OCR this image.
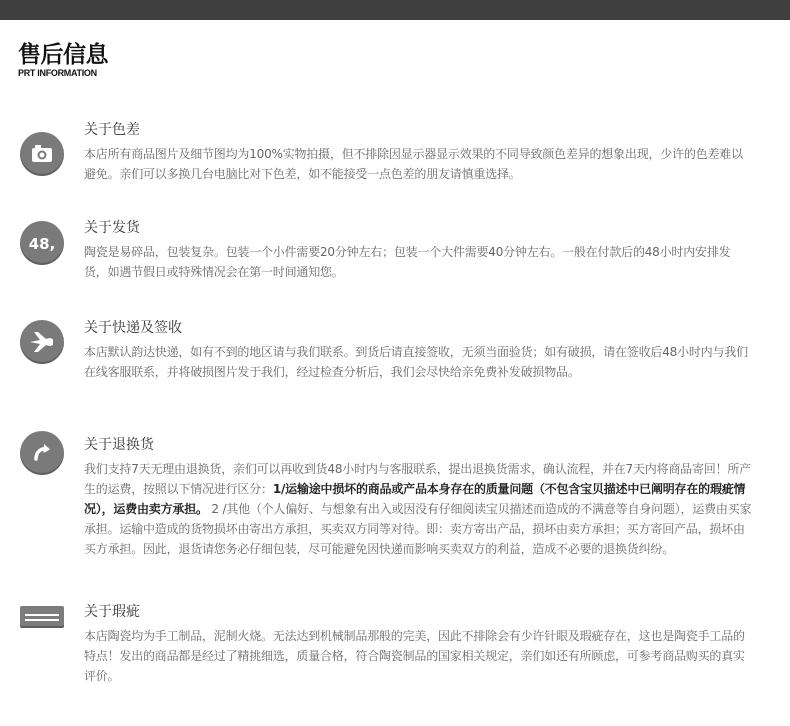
售后信息
PRT INFORMATION
关于色差
本店所有商品图片及细节图均为100%实物拍摄，但不排除因显示器显示效果的不同导致颜色差异的想象出现，少许的色差难以避免。亲们可以多换几台电脑比对下色差，如不能接受一点色差的朋友请慎重选择。
48,
关于发货
陶瓷是易碎品，包装复杂。包装一个小件需要20分钟左右；包装一个大件需要40分钟左右。一般在付款后的48小时内安排发货，如遇节假日或特殊情况会在第一时间通知您。
关于快递及签收
本店默认韵达快递，如有不到的地区请与我们联系。到货后请直接签收，无须当面验货；如有破损，请在签收后48小时内与我们在线客服联系，并将破损图片发于我们，经过检查分析后，我们会尽快给亲免费补发破损物品。
关于退换货
我们支持7天无理由退换货，亲们可以再收到货48小时内与客服联系，提出退换货需求，确认流程，并在7天内将商品寄回！所产生的运费，按照以下情况进行区分：1/运输途中损坏的商品或产品本身存在的质量问题（不包含宝贝描述中已阐明存在的瑕疵情况），运费由卖方承担。 2 /其他（个人偏好、与想象有出入或因没有仔细阅读宝贝描述而造成的不满意等自身问题），运费由买家承担。运输中造成的货物损坏由寄出方承担，买卖双方同等对待。即：卖方寄出产品，损坏由卖方承担；买方寄回产品，损坏由买方承担。因此，退货请您务必仔细包装，尽可能避免因快递而影响买卖双方的利益，造成不必要的退换货纠纷。
关于瑕疵
本店陶瓷均为手工制品，泥制火烧。无法达到机械制品那般的完美，因此不排除会有少许针眼及瑕疵存在，这也是陶瓷手工品的特点！发出的商品都是经过了精挑细选，质量合格，符合陶瓷制品的国家相关规定，亲们如还有所顾虑，可参考商品购买的真实评价。
